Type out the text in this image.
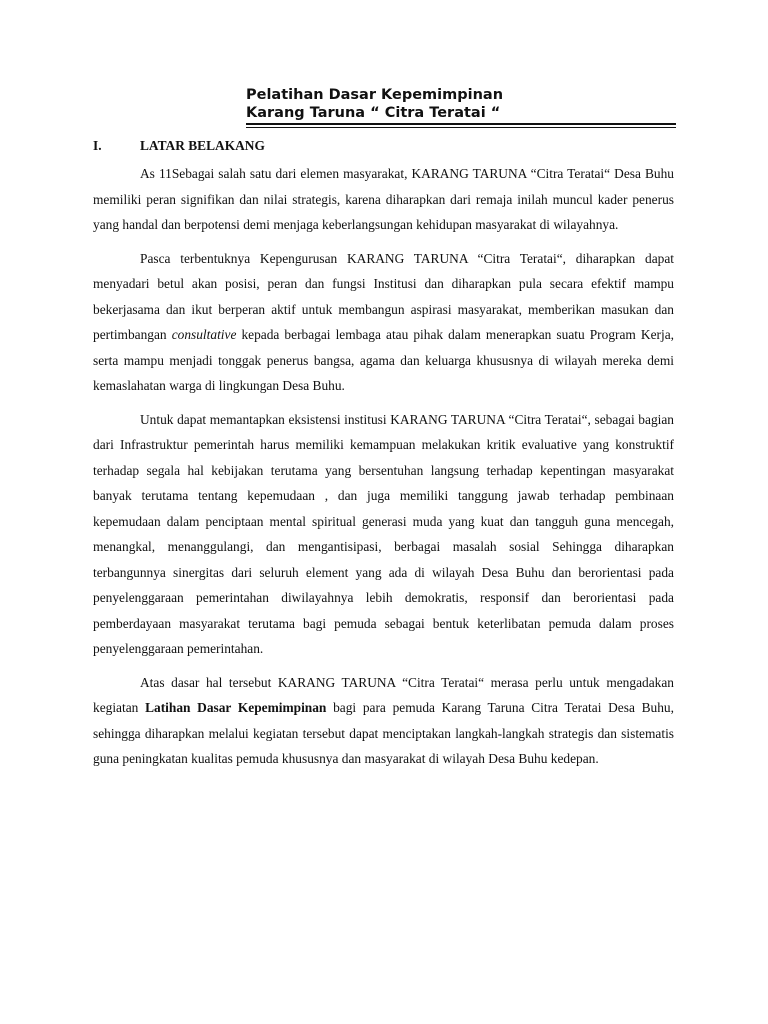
Pelatihan Dasar Kepemimpinan
Karang Taruna “ Citra Teratai “
I.	LATAR BELAKANG

As 11Sebagai salah satu dari elemen masyarakat, KARANG TARUNA “Citra Teratai“ Desa Buhu memiliki peran signifikan dan nilai strategis, karena diharapkan dari remaja inilah muncul kader penerus yang handal dan berpotensi demi menjaga keberlangsungan kehidupan masyarakat di wilayahnya.

Pasca terbentuknya Kepengurusan KARANG TARUNA “Citra Teratai“, diharapkan dapat menyadari betul akan posisi, peran dan fungsi Institusi dan diharapkan pula secara efektif mampu bekerjasama dan ikut berperan aktif untuk membangun aspirasi masyarakat, memberikan masukan dan pertimbangan consultative kepada berbagai lembaga atau pihak dalam menerapkan suatu Program Kerja, serta mampu menjadi tonggak penerus bangsa, agama dan keluarga khususnya di wilayah mereka demi kemaslahatan warga di lingkungan Desa Buhu.

Untuk dapat memantapkan eksistensi institusi KARANG TARUNA “Citra Teratai“, sebagai bagian dari Infrastruktur pemerintah harus memiliki kemampuan melakukan kritik evaluative yang konstruktif terhadap segala hal kebijakan terutama yang bersentuhan langsung terhadap kepentingan masyarakat banyak terutama tentang kepemudaan , dan juga memiliki tanggung jawab terhadap pembinaan kepemudaan dalam penciptaan mental spiritual generasi muda yang kuat dan tangguh guna mencegah, menangkal, menanggulangi, dan mengantisipasi, berbagai masalah sosial Sehingga diharapkan terbangunnya sinergitas dari seluruh element yang ada di wilayah Desa Buhu dan berorientasi pada penyelenggaraan pemerintahan diwilayahnya lebih demokratis, responsif dan berorientasi pada pemberdayaan masyarakat terutama bagi pemuda sebagai bentuk keterlibatan pemuda dalam proses penyelenggaraan pemerintahan.

Atas dasar hal tersebut KARANG TARUNA “Citra Teratai“ merasa perlu untuk mengadakan kegiatan Latihan Dasar Kepemimpinan bagi para pemuda Karang Taruna Citra Teratai Desa Buhu, sehingga diharapkan melalui kegiatan tersebut dapat menciptakan langkah-langkah strategis dan sistematis guna peningkatan kualitas pemuda khususnya dan masyarakat di wilayah Desa Buhu kedepan.
